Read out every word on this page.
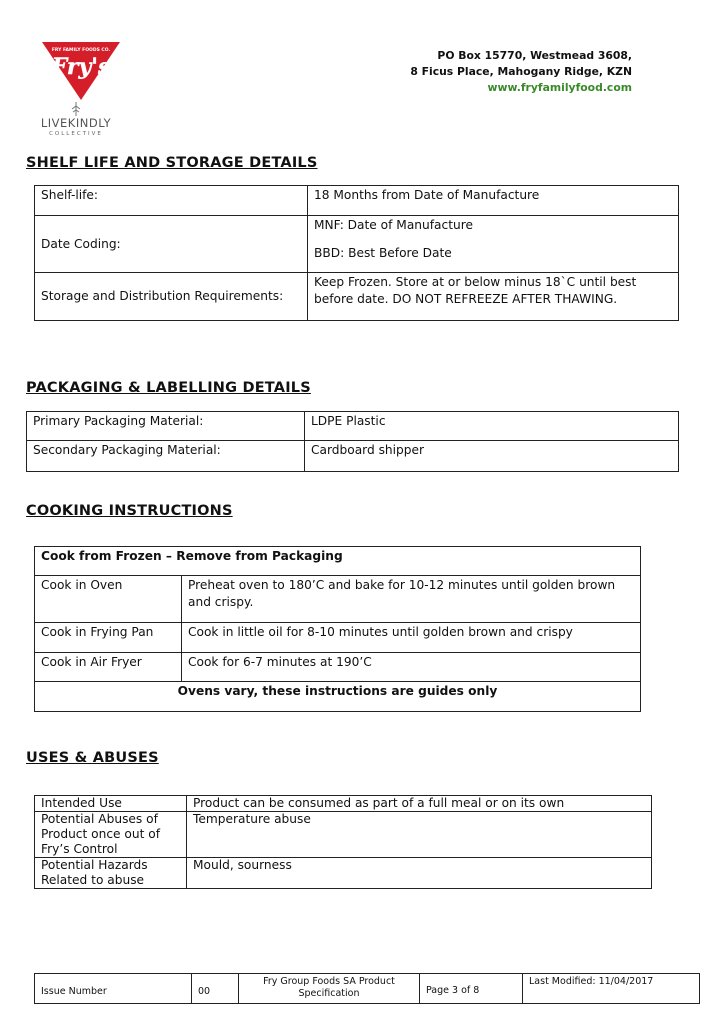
FRY FAMILY FOODS CO.
Fry's
LIVEKINDLY
COLLECTIVE
PO Box 15770, Westmead 3608,
8 Ficus Place, Mahogany Ridge, KZN
www.fryfamilyfood.com
SHELF LIFE AND STORAGE DETAILS
Shelf-life:	18 Months from Date of Manufacture
Date Coding:	MNF: Date of Manufacture

BBD: Best Before Date

Storage and Distribution Requirements:	Keep Frozen. Store at or below minus 18`C until best before date. DO NOT REFREEZE AFTER THAWING.
PACKAGING & LABELLING DETAILS
Primary Packaging Material:	LDPE Plastic
Secondary Packaging Material:	Cardboard shipper
COOKING INSTRUCTIONS
Cook from Frozen – Remove from Packaging	
Cook in Oven	Preheat oven to 180’C and bake for 10-12 minutes until golden brown and crispy.
Cook in Frying Pan	Cook in little oil for 8-10 minutes until golden brown and crispy
Cook in Air Fryer	Cook for 6-7 minutes at 190’C
Ovens vary, these instructions are guides only	
USES & ABUSES
Intended Use	Product can be consumed as part of a full meal or on its own
Potential Abuses of Product once out of Fry’s Control	Temperature abuse
Potential Hazards Related to abuse	Mould, sourness
Issue Number	00	Fry Group Foods SA Product Specification	Page 3 of 8	Last Modified: 11/04/2017
